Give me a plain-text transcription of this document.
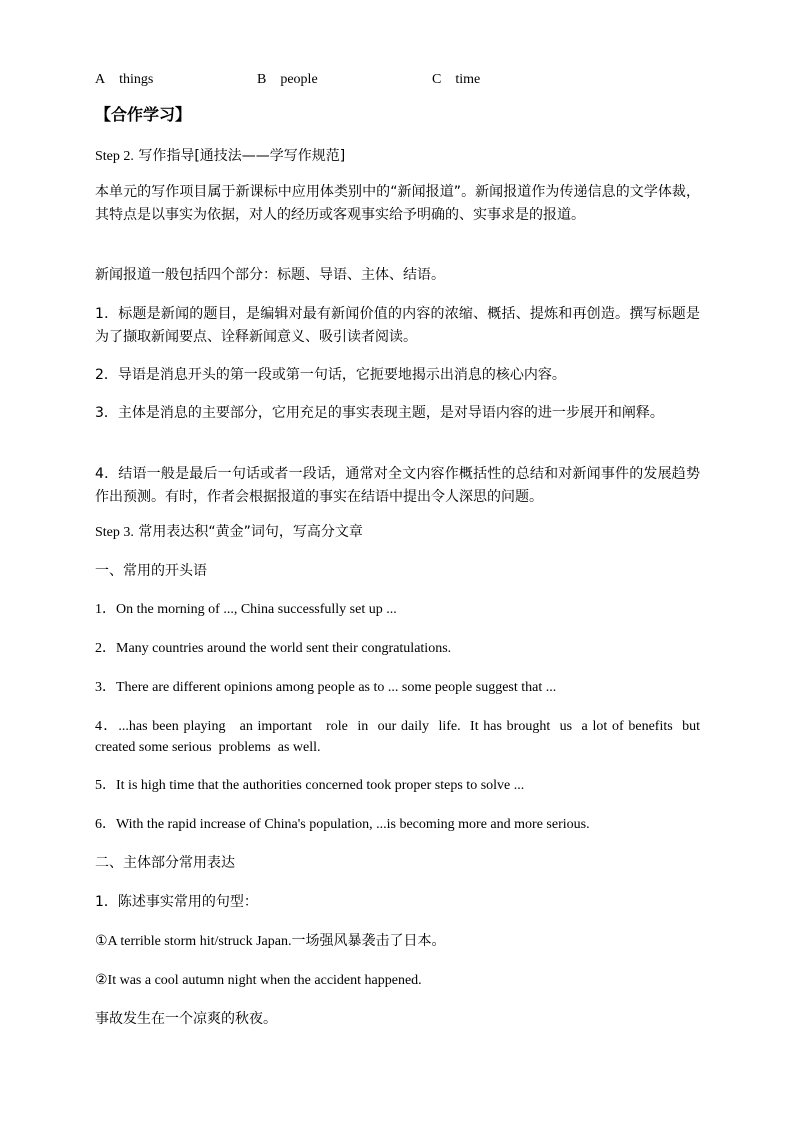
A things	B people	C time
【合作学习】
Step 2. 写作指导[通技法——学写作规范]
本单元的写作项目属于新课标中应用体类别中的“新闻报道”。新闻报道作为传递信息的文学体裁，其特点是以事实为依据，对人的经历或客观事实给予明确的、实事求是的报道。
新闻报道一般包括四个部分：标题、导语、主体、结语。
1．标题是新闻的题目，是编辑对最有新闻价值的内容的浓缩、概括、提炼和再创造。撰写标题是为了撷取新闻要点、诠释新闻意义、吸引读者阅读。
2．导语是消息开头的第一段或第一句话，它扼要地揭示出消息的核心内容。
3．主体是消息的主要部分，它用充足的事实表现主题，是对导语内容的进一步展开和阐释。
4．结语一般是最后一句话或者一段话，通常对全文内容作概括性的总结和对新闻事件的发展趋势作出预测。有时，作者会根据报道的事实在结语中提出令人深思的问题。
Step 3. 常用表达积“黄金”词句，写高分文章
一、常用的开头语
1．On the morning of ..., China successfully set up ...
2．Many countries around the world sent their congratulations.
3．There are different opinions among people as to ... some people suggest that ...
4．...has been playing   an important   role  in  our daily  life.  It has brought  us  a lot of benefits  but created some serious  problems  as well.
5．It is high time that the authorities concerned took proper steps to solve ...
6．With the rapid increase of China's population, ...is becoming more and more serious.
二、主体部分常用表达
1．陈述事实常用的句型：
①A terrible storm hit/struck Japan.一场强风暴袭击了日本。
②It was a cool autumn night when the accident happened.
事故发生在一个凉爽的秋夜。
